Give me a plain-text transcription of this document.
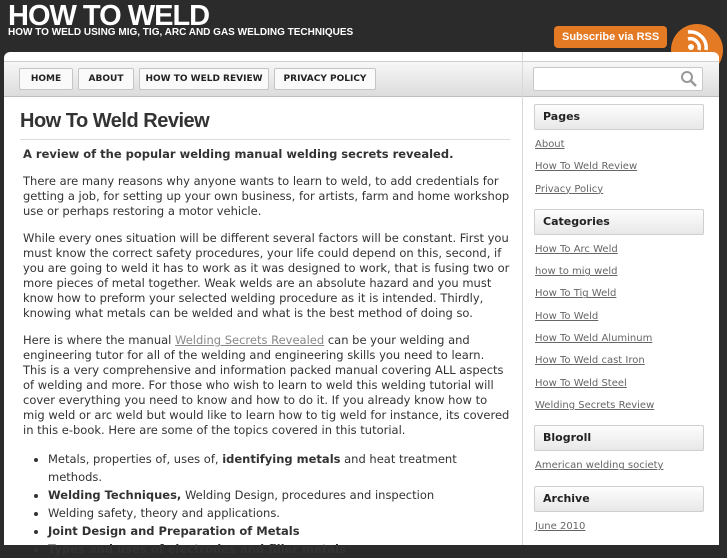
HOW TO WELD
HOW TO WELD USING MIG, TIG, ARC AND GAS WELDING TECHNIQUES	Subscribe via RSS
HOME	ABOUT	HOW TO WELD REVIEW	PRIVACY POLICY
How To Weld Review
A review of the popular welding manual welding secrets revealed.
There are many reasons why anyone wants to learn to weld, to add credentials for getting a job, for setting up your own business, for artists, farm and home workshop use or perhaps restoring a motor vehicle.
While every ones situation will be different several factors will be constant. First you must know the correct safety procedures, your life could depend on this, second, if you are going to weld it has to work as it was designed to work, that is fusing two or more pieces of metal together. Weak welds are an absolute hazard and you must know how to preform your selected welding procedure as it is intended. Thirdly, knowing what metals can be welded and what is the best method of doing so.
Here is where the manual Welding Secrets Revealed can be your welding and engineering tutor for all of the welding and engineering skills you need to learn. This is a very comprehensive and information packed manual covering ALL aspects of welding and more. For those who wish to learn to weld this welding tutorial will cover everything you need to know and how to do it. If you already know how to mig weld or arc weld but would like to learn how to tig weld for instance, its covered in this e-book. Here are some of the topics covered in this tutorial.
• Metals, properties of, uses of, identifying metals and heat treatment methods.
• Welding Techniques, Welding Design, procedures and inspection
• Welding safety, theory and applications.
• Joint Design and Preparation of Metals
• Types and uses of electrodes and filler metals
Pages
About
How To Weld Review
Privacy Policy
Categories
How To Arc Weld
how to mig weld
How To Tig Weld
How To Weld
How To Weld Aluminum
How To Weld cast Iron
How To Weld Steel
Welding Secrets Review
Blogroll
American welding society
Archive
June 2010
